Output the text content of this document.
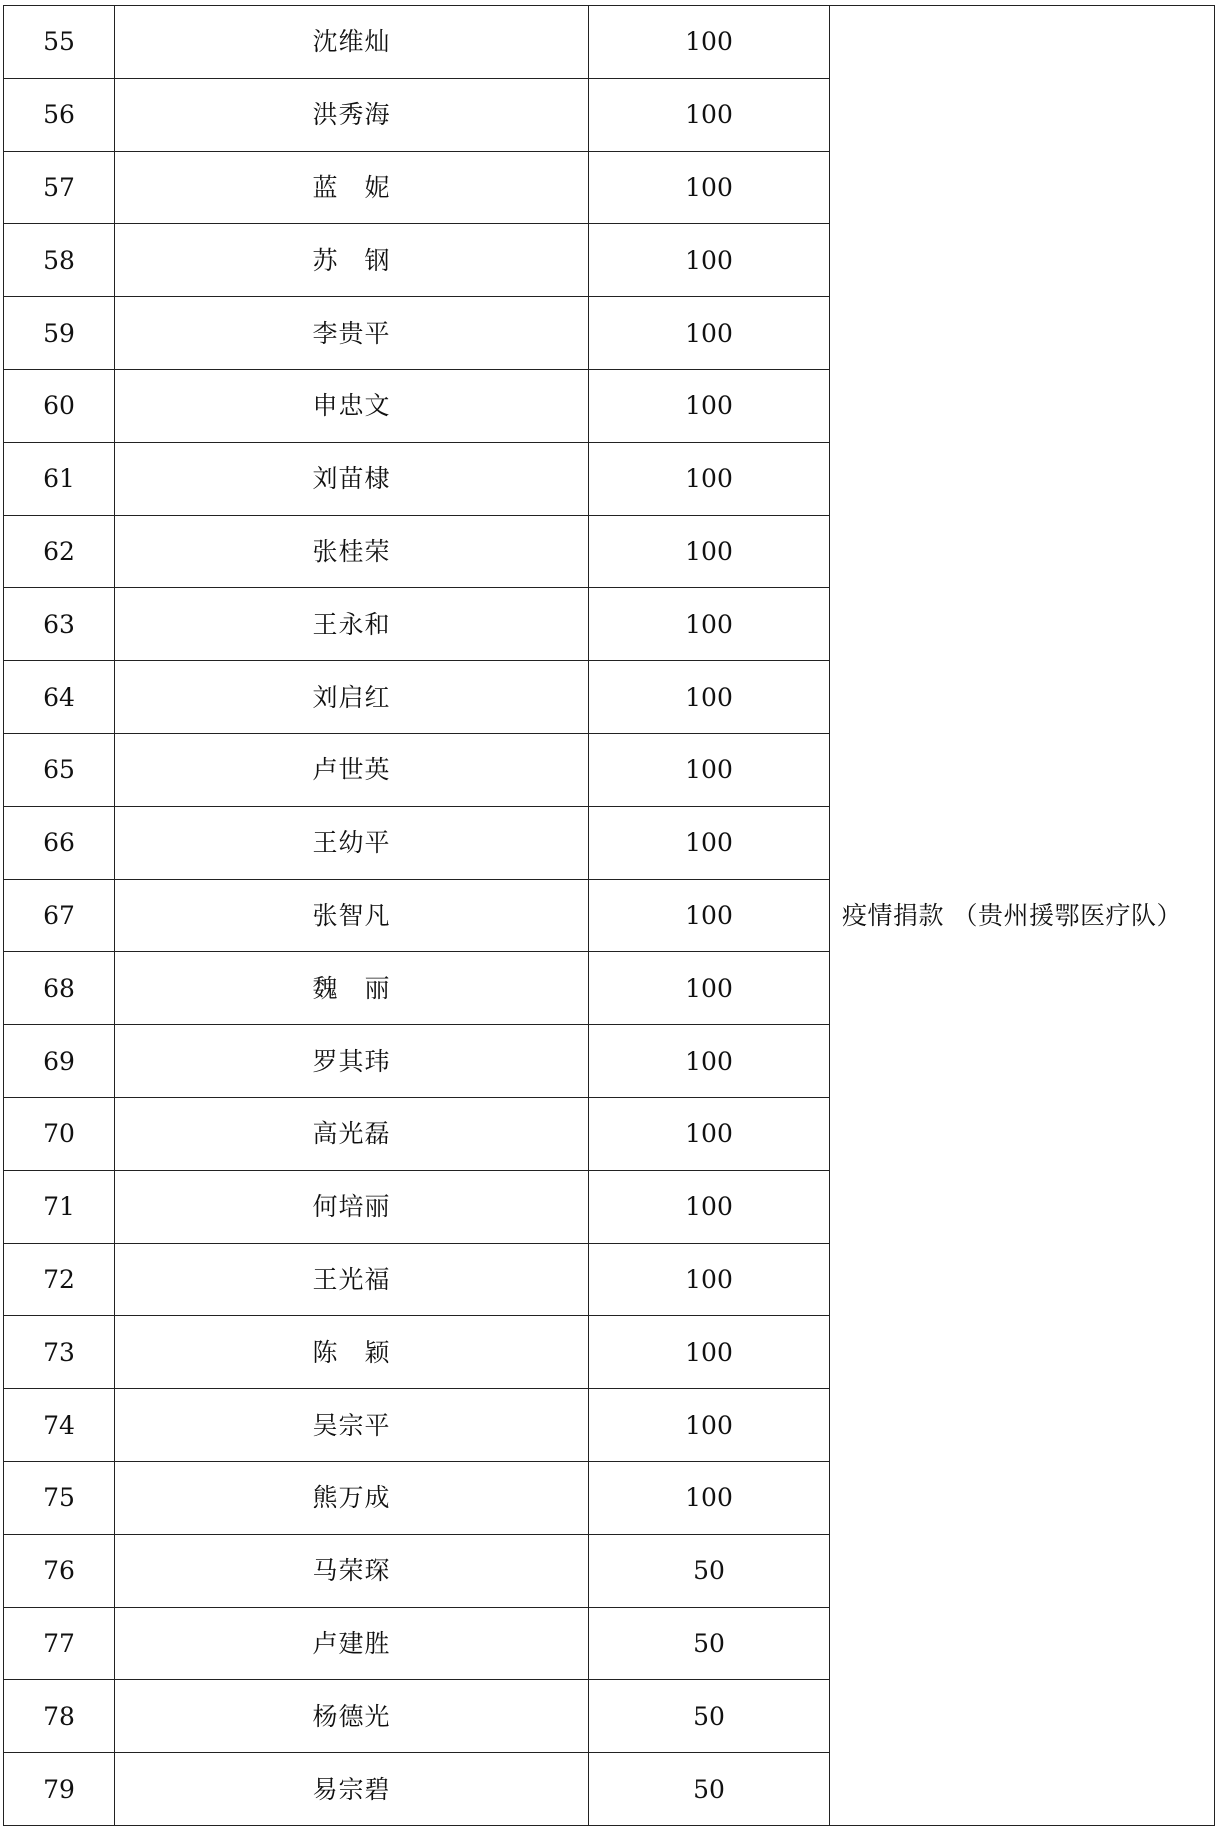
55	沈维灿	100	疫情捐款 （贵州援鄂医疗队）
56	洪秀海	100	
57	蓝　妮	100	
58	苏　钢	100	
59	李贵平	100	
60	申忠文	100	
61	刘苗棣	100	
62	张桂荣	100	
63	王永和	100	
64	刘启红	100	
65	卢世英	100	
66	王幼平	100	
67	张智凡	100	
68	魏　丽	100	
69	罗其玮	100	
70	高光磊	100	
71	何培丽	100	
72	王光福	100	
73	陈　颖	100	
74	吴宗平	100	
75	熊万成	100	
76	马荣琛	50	
77	卢建胜	50	
78	杨德光	50	
79	易宗碧	50	
